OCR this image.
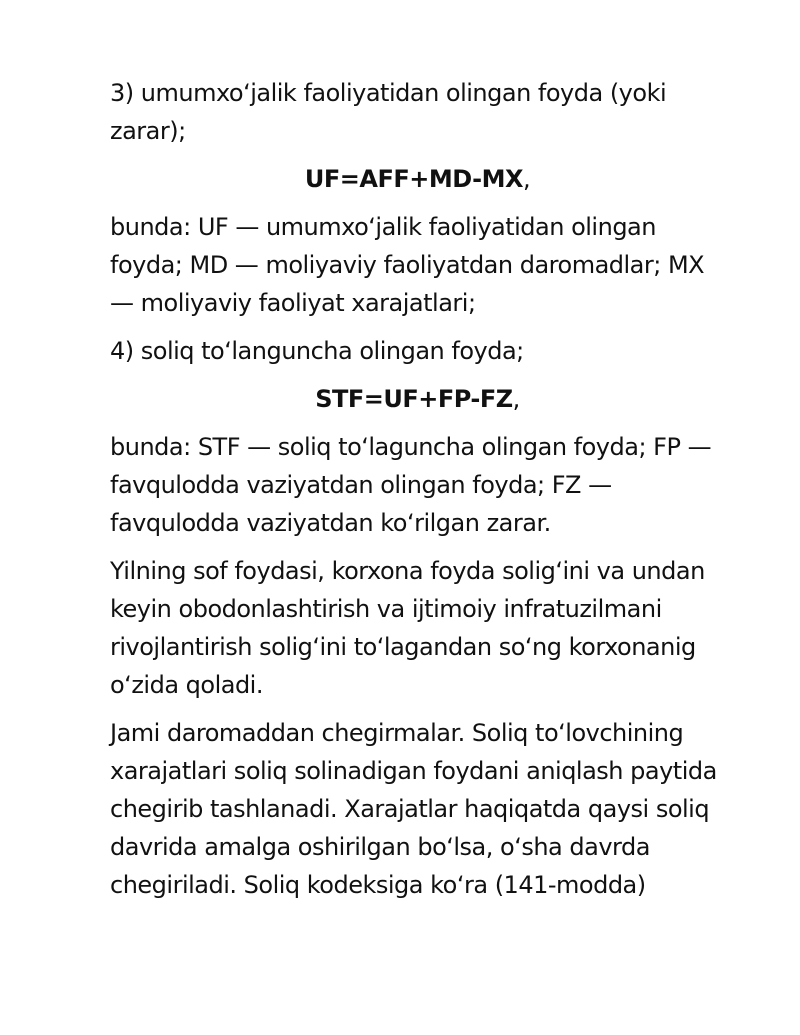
3) umumxo‘jalik faoliyatidan olingan foyda (yoki zarar);

UF=AFF+MD-MX,

bunda: UF — umumxo‘jalik faoliyatidan olingan foyda; MD — moliyaviy faoliyatdan daromadlar; MX — moliyaviy faoliyat xarajatlari;

4) soliq to‘languncha olingan foyda;

STF=UF+FP-FZ,

bunda: STF — soliq to‘laguncha olingan foyda; FP — favqulodda vaziyatdan olingan foyda; FZ — favqulodda vaziyatdan ko‘rilgan zarar.

Yilning sof foydasi, korxona foyda solig‘ini va undan keyin obodonlashtirish va ijtimoiy infratuzilmani rivojlantirish solig‘ini to‘lagandan so‘ng korxonanig o‘zida qoladi.

Jami daromaddan chegirmalar. Soliq to‘lovchining xarajatlari soliq solinadigan foydani aniqlash paytida chegirib tashlanadi. Xarajatlar haqiqatda qaysi soliq davrida amalga oshirilgan bo‘lsa, o‘sha davrda chegiriladi. Soliq kodeksiga ko‘ra (141-modda)
